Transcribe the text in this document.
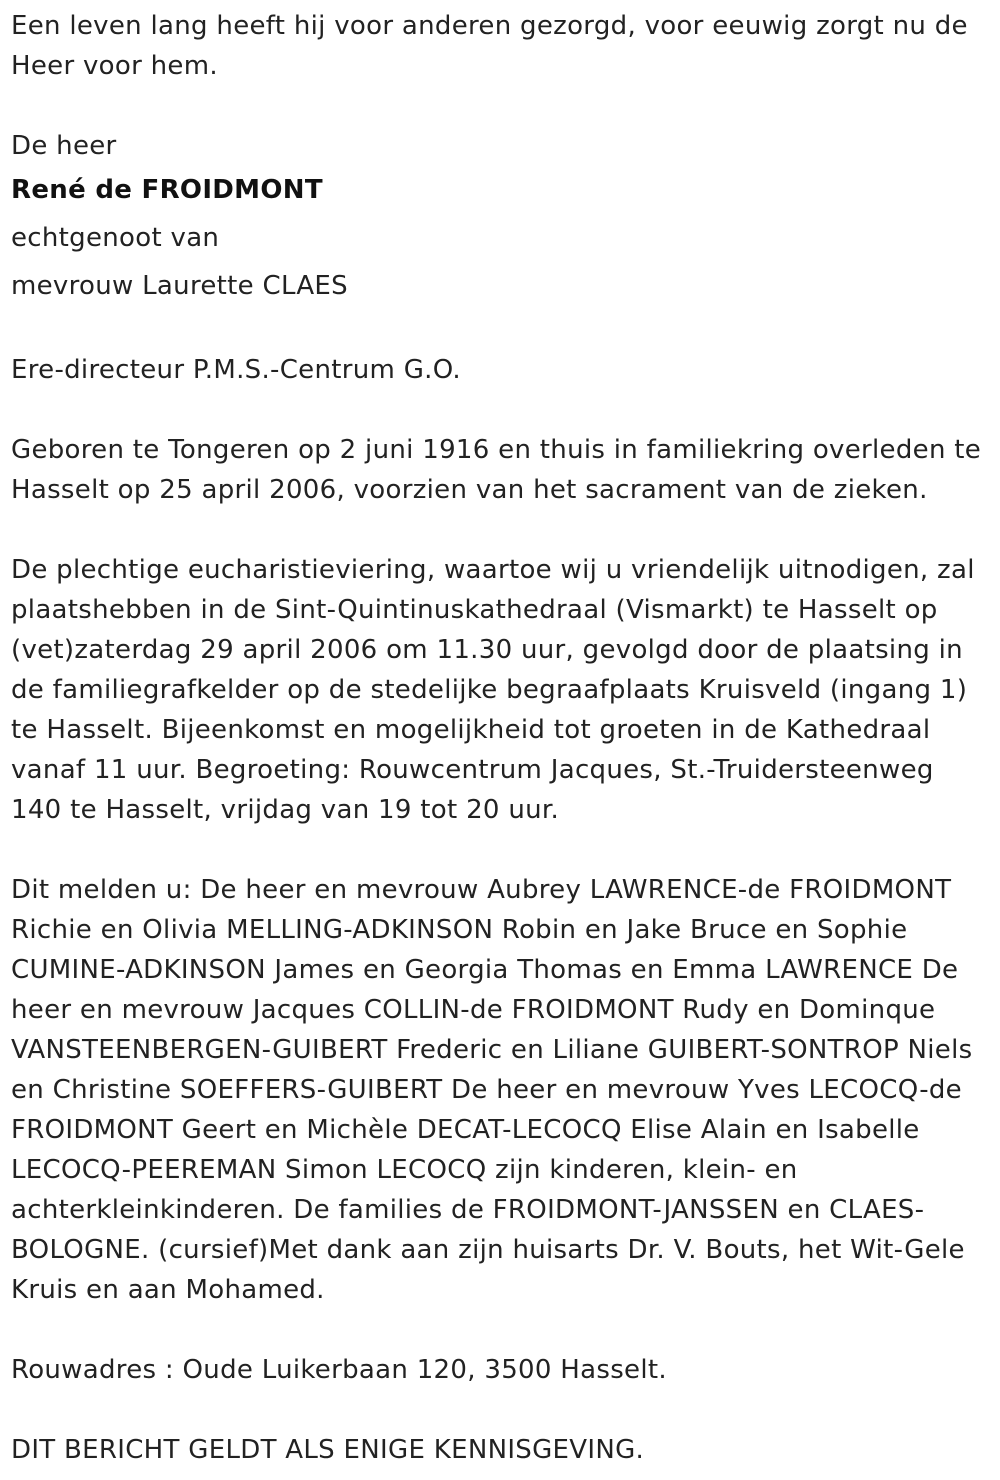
Een leven lang heeft hij voor anderen gezorgd, voor eeuwig zorgt nu de Heer voor hem.

De heer

René de FROIDMONT

echtgenoot van

mevrouw Laurette CLAES

Ere-directeur P.M.S.-Centrum G.O.

Geboren te Tongeren op 2 juni 1916 en thuis in familiekring overleden te Hasselt op 25 april 2006, voorzien van het sacrament van de zieken.

De plechtige eucharistieviering, waartoe wij u vriendelijk uitnodigen, zal plaatshebben in de Sint-Quintinuskathedraal (Vismarkt) te Hasselt op (vet)zaterdag 29 april 2006 om 11.30 uur, gevolgd door de plaatsing in de familiegrafkelder op de stedelijke begraafplaats Kruisveld (ingang 1) te Hasselt. Bijeenkomst en mogelijkheid tot groeten in de Kathedraal vanaf 11 uur. Begroeting: Rouwcentrum Jacques, St.-Truidersteenweg 140 te Hasselt, vrijdag van 19 tot 20 uur.

Dit melden u: De heer en mevrouw Aubrey LAWRENCE-de FROIDMONT Richie en Olivia MELLING-ADKINSON Robin en Jake Bruce en Sophie CUMINE-ADKINSON James en Georgia Thomas en Emma LAWRENCE De heer en mevrouw Jacques COLLIN-de FROIDMONT Rudy en Dominque VANSTEENBERGEN-GUIBERT Frederic en Liliane GUIBERT-SONTROP Niels en Christine SOEFFERS-GUIBERT De heer en mevrouw Yves LECOCQ-de FROIDMONT Geert en Michèle DECAT-LECOCQ Elise Alain en Isabelle LECOCQ-PEEREMAN Simon LECOCQ zijn kinderen, klein- en achterkleinkinderen. De families de FROIDMONT-JANSSEN en CLAES-BOLOGNE. (cursief)Met dank aan zijn huisarts Dr. V. Bouts, het Wit-Gele Kruis en aan Mohamed.

Rouwadres : Oude Luikerbaan 120, 3500 Hasselt.

DIT BERICHT GELDT ALS ENIGE KENNISGEVING.
